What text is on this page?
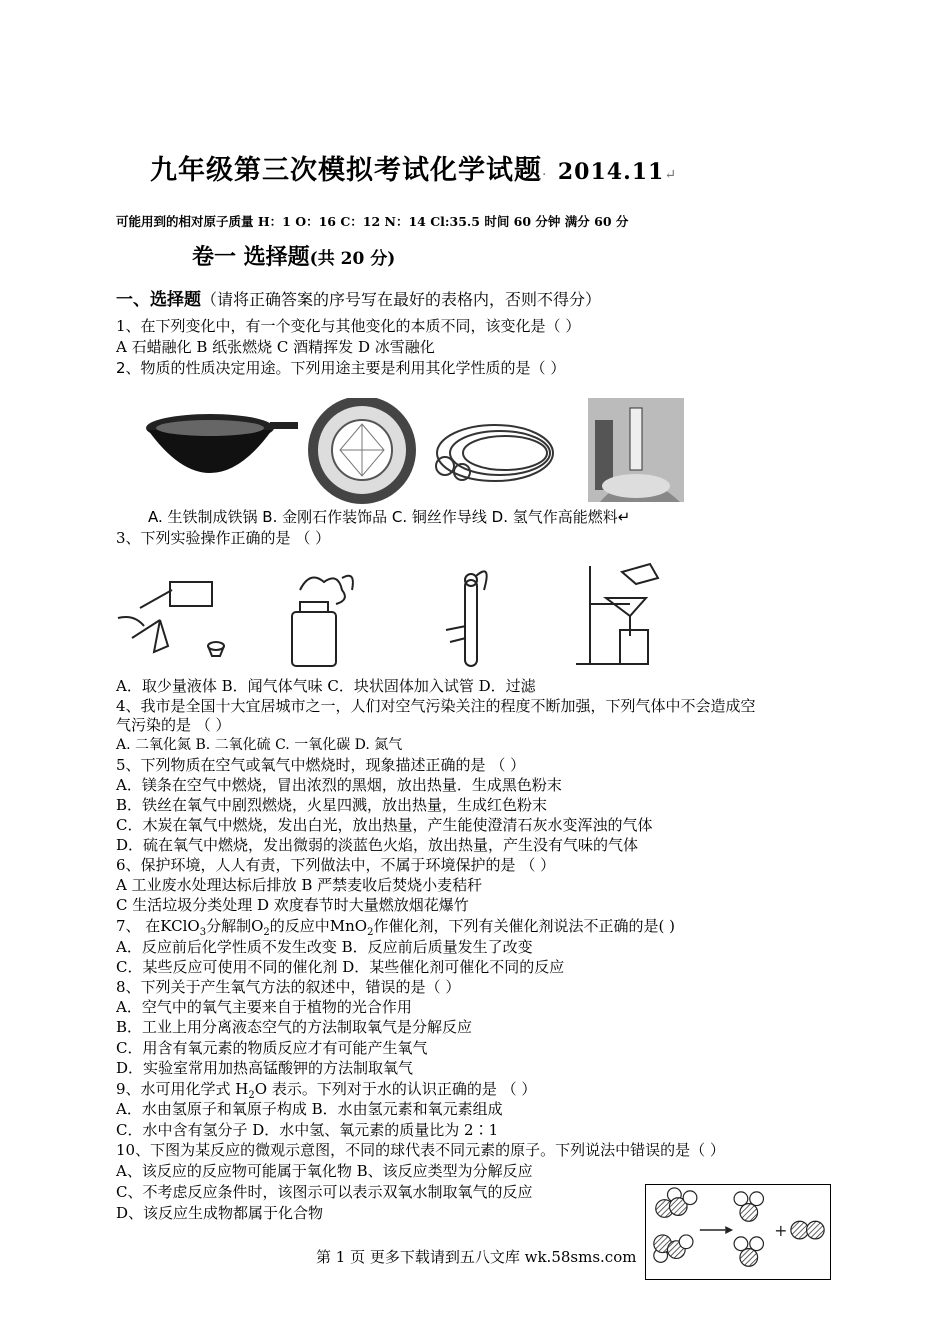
九年级第三次模拟考试化学试题· 2014.11↵
可能用到的相对原子质量 H：1 O：16 C：12 N：14 Cl:35.5 时间 60 分钟 满分 60 分
卷一 选择题(共 20 分)
一、选择题（请将正确答案的序号写在最好的表格内，否则不得分）
1、在下列变化中，有一个变化与其他变化的本质不同，该变化是（ ）
A 石蜡融化 B 纸张燃烧 C 酒精挥发 D 冰雪融化
2、物质的性质决定用途。下列用途主要是利用其化学性质的是（ ）
A. 生铁制成铁锅 B. 金刚石作装饰品 C. 铜丝作导线 D. 氢气作高能燃料↵
3、下列实验操作正确的是 （ ）
A．取少量液体 B．闻气体气味 C．块状固体加入试管 D．过滤
4、我市是全国十大宜居城市之一，人们对空气污染关注的程度不断加强，下列气体中不会造成空
气污染的是 （ ）
A. 二氧化氮 B. 二氧化硫 C. 一氧化碳 D. 氮气
5、下列物质在空气或氧气中燃烧时，现象描述正确的是 （ ）
A．镁条在空气中燃烧，冒出浓烈的黑烟，放出热量．生成黑色粉末
B．铁丝在氧气中剧烈燃烧，火星四溅，放出热量，生成红色粉末
C．木炭在氧气中燃烧，发出白光，放出热量，产生能使澄清石灰水变浑浊的气体
D．硫在氧气中燃烧，发出微弱的淡蓝色火焰，放出热量，产生没有气味的气体
6、保护环境，人人有责，下列做法中，不属于环境保护的是 （ ）
A 工业废水处理达标后排放 B 严禁麦收后焚烧小麦秸秆
C 生活垃圾分类处理 D 欢度春节时大量燃放烟花爆竹
7、 在KClO$_3$分解制$O_2$的反应中MnO$_2$作催化剂，下列有关催化剂说法不正确的是( )
A．反应前后化学性质不发生改变 B．反应前后质量发生了改变
C．某些反应可使用不同的催化剂 D．某些催化剂可催化不同的反应
8、下列关于产生氧气方法的叙述中，错误的是（ ）
A．空气中的氧气主要来自于植物的光合作用
B．工业上用分离液态空气的方法制取氧气是分解反应
C．用含有氧元素的物质反应才有可能产生氧气
D．实验室常用加热高锰酸钾的方法制取氧气
9、水可用化学式 $H_2O$ 表示。下列对于水的认识正确的是 （ ）
A．水由氢原子和氧原子构成 B．水由氢元素和氧元素组成
C．水中含有氢分子 D．水中氢、氧元素的质量比为 2∶1
10、下图为某反应的微观示意图，不同的球代表不同元素的原子。下列说法中错误的是（ ）
A、该反应的反应物可能属于氧化物 B、该反应类型为分解反应
C、不考虑反应条件时，该图示可以表示双氧水制取氧气的反应
D、该反应生成物都属于化合物
+
第 1 页 更多下载请到五八文库 wk.58sms.com
